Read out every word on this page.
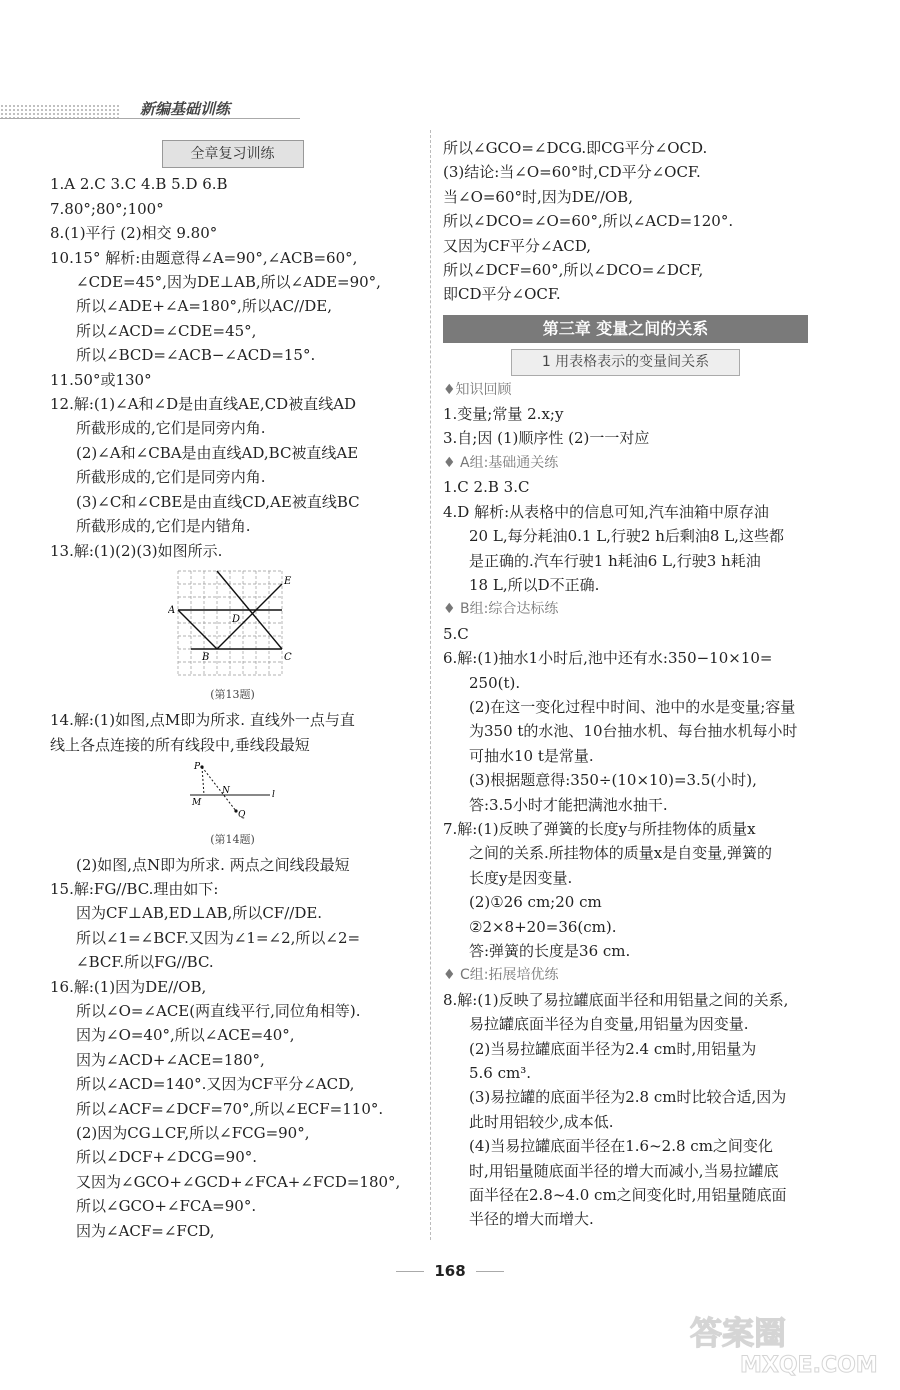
新编基础训练
全章复习训练

1.A 2.C 3.C 4.B 5.D 6.B

7.80°;80°;100°

8.(1)平行 (2)相交 9.80°

10.15° 解析:由题意得∠A=90°,∠ACB=60°,

∠CDE=45°,因为DE⊥AB,所以∠ADE=90°,

所以∠ADE+∠A=180°,所以AC//DE,

所以∠ACD=∠CDE=45°,

所以∠BCD=∠ACB−∠ACD=15°.

11.50°或130°

12.解:(1)∠A和∠D是由直线AE,CD被直线AD

所截形成的,它们是同旁内角.

(2)∠A和∠CBA是由直线AD,BC被直线AE

所截形成的,它们是同旁内角.

(3)∠C和∠CBE是由直线CD,AE被直线BC

所截形成的,它们是内错角.

13.解:(1)(2)(3)如图所示.

A
B	C
D
E
(第13题)

14.解:(1)如图,点M即为所求. 直线外一点与直

线上各点连接的所有线段中,垂线段最短

P
N
M
l
Q
(第14题)

(2)如图,点N即为所求. 两点之间线段最短

15.解:FG//BC.理由如下:

因为CF⊥AB,ED⊥AB,所以CF//DE.

所以∠1=∠BCF.又因为∠1=∠2,所以∠2=

∠BCF.所以FG//BC.

16.解:(1)因为DE//OB,

所以∠O=∠ACE(两直线平行,同位角相等).

因为∠O=40°,所以∠ACE=40°,

因为∠ACD+∠ACE=180°,

所以∠ACD=140°.又因为CF平分∠ACD,

所以∠ACF=∠DCF=70°,所以∠ECF=110°.

(2)因为CG⊥CF,所以∠FCG=90°,

所以∠DCF+∠DCG=90°.

又因为∠GCO+∠GCD+∠FCA+∠FCD=180°,

所以∠GCO+∠FCA=90°.

因为∠ACF=∠FCD,

所以∠GCO=∠DCG.即CG平分∠OCD.

(3)结论:当∠O=60°时,CD平分∠OCF.

当∠O=60°时,因为DE//OB,

所以∠DCO=∠O=60°,所以∠ACD=120°.

又因为CF平分∠ACD,

所以∠DCF=60°,所以∠DCO=∠DCF,

即CD平分∠OCF.

第三章 变量之间的关系
1 用表格表示的变量间关系
♦知识回顾

1.变量;常量 2.x;y

3.自;因 (1)顺序性 (2)一一对应

♦ A组:基础通关练

1.C 2.B 3.C

4.D 解析:从表格中的信息可知,汽车油箱中原存油

20 L,每分耗油0.1 L,行驶2 h后剩油8 L,这些都

是正确的.汽车行驶1 h耗油6 L,行驶3 h耗油

18 L,所以D不正确.

♦ B组:综合达标练

5.C

6.解:(1)抽水1小时后,池中还有水:350−10×10=

250(t).

(2)在这一变化过程中时间、池中的水是变量;容量

为350 t的水池、10台抽水机、每台抽水机每小时

可抽水10 t是常量.

(3)根据题意得:350÷(10×10)=3.5(小时),

答:3.5小时才能把满池水抽干.

7.解:(1)反映了弹簧的长度y与所挂物体的质量x

之间的关系.所挂物体的质量x是自变量,弹簧的

长度y是因变量.

(2)①26 cm;20 cm

②2×8+20=36(cm).

答:弹簧的长度是36 cm.

♦ C组:拓展培优练

8.解:(1)反映了易拉罐底面半径和用铝量之间的关系,

易拉罐底面半径为自变量,用铝量为因变量.

(2)当易拉罐底面半径为2.4 cm时,用铝量为

5.6 cm³.

(3)易拉罐的底面半径为2.8 cm时比较合适,因为

此时用铝较少,成本低.

(4)当易拉罐底面半径在1.6~2.8 cm之间变化

时,用铝量随底面半径的增大而减小,当易拉罐底

面半径在2.8~4.0 cm之间变化时,用铝量随底面

半径的增大而增大.

168
答案圈
MXQE.COM
